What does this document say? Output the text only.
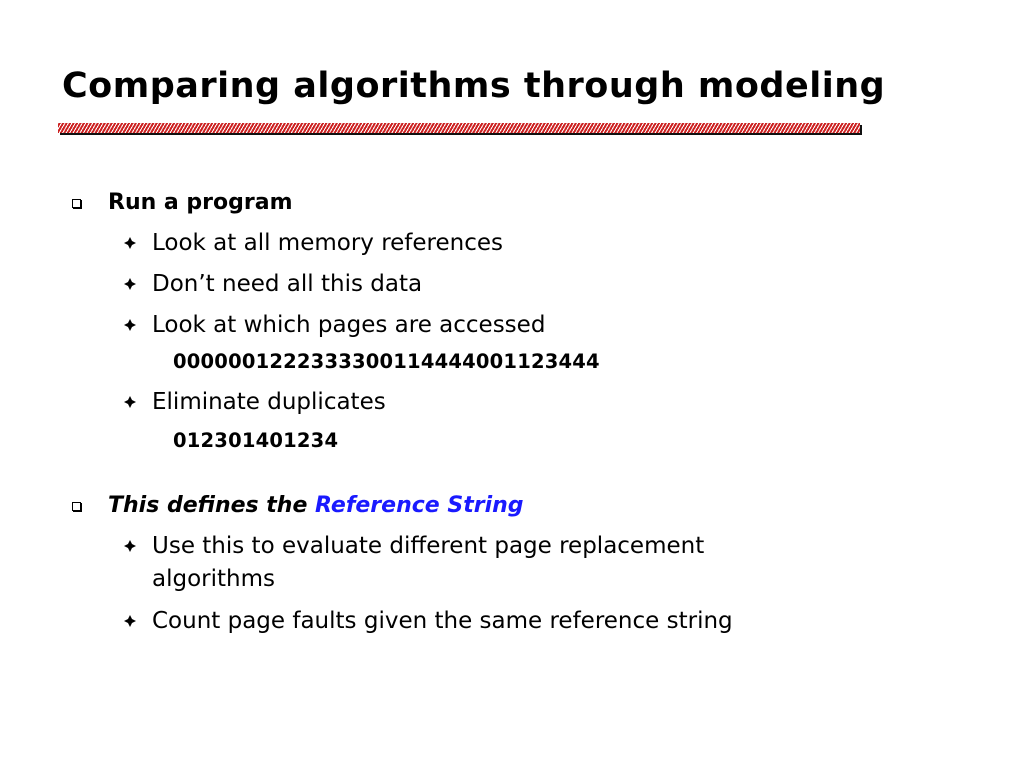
Comparing algorithms through modeling
Run a program
Look at all memory references
Don’t need all this data
Look at which pages are accessed
0000001222333300114444001123444
Eliminate duplicates
012301401234
This defines the Reference String
Use this to evaluate different page replacement
algorithms
Count page faults given the same reference string
